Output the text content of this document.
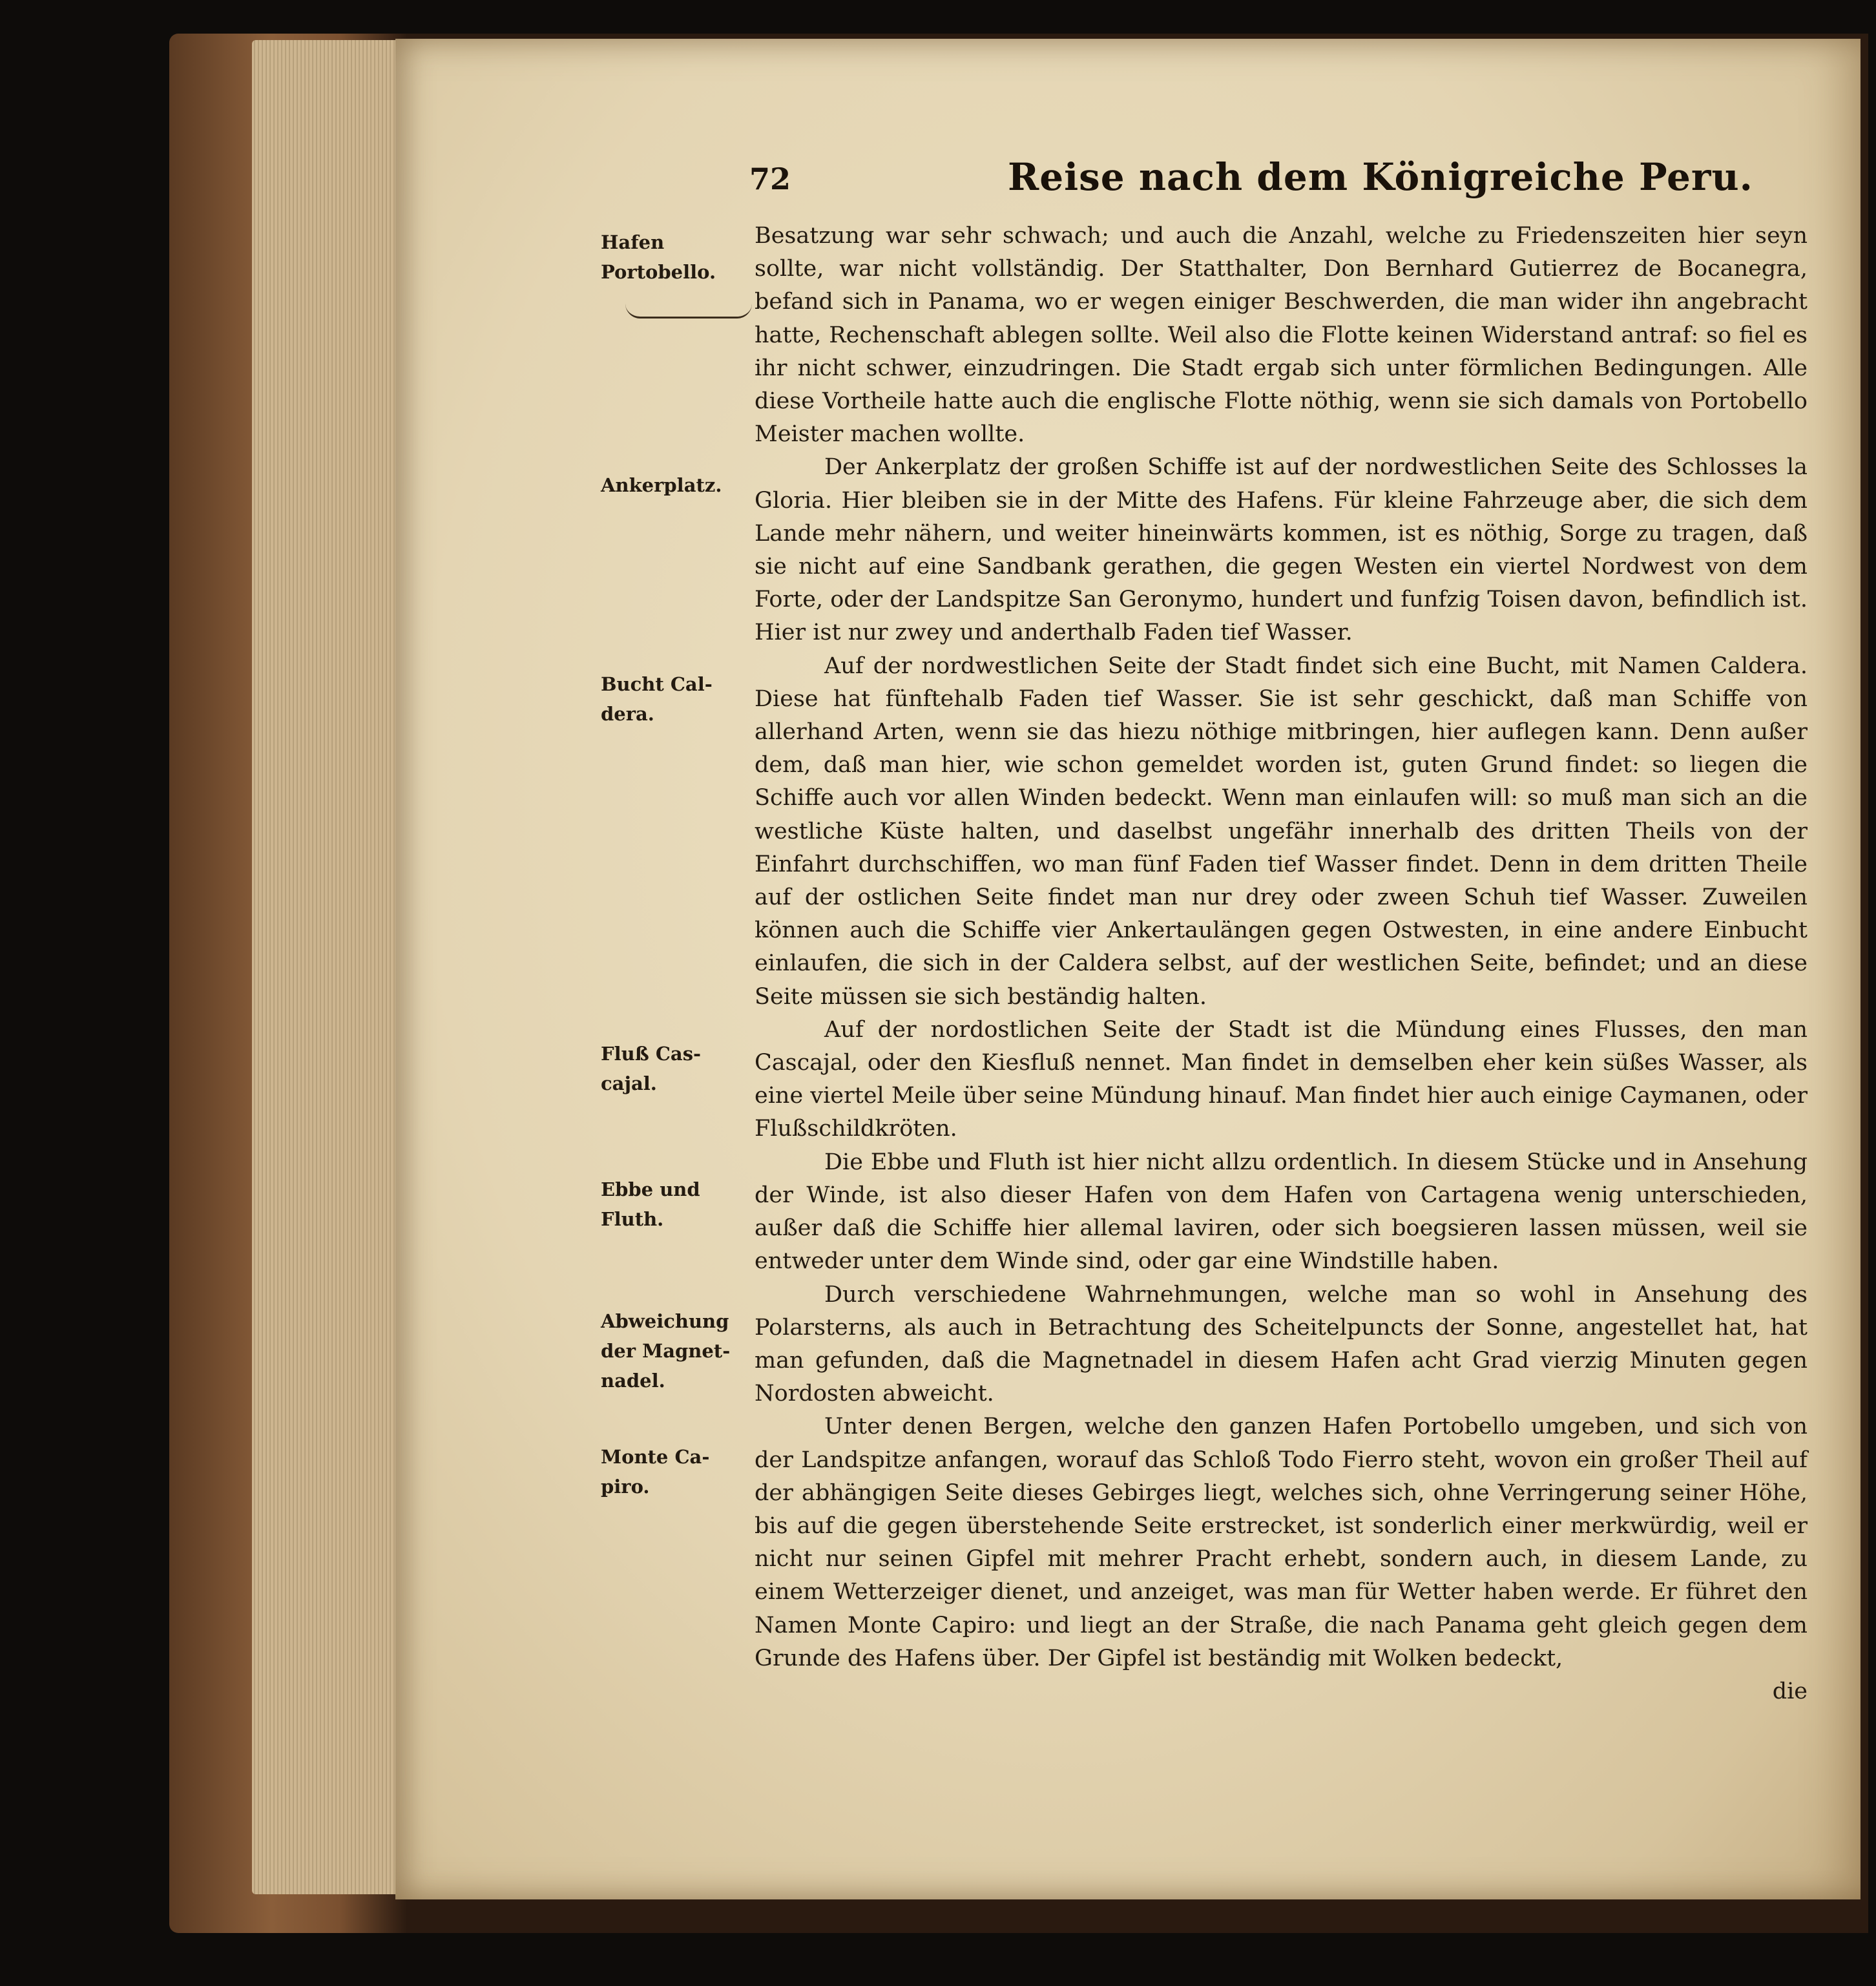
72	Reise nach dem Königreiche Peru.
Hafen
Portobello.
Ankerplatz.
Bucht Cal-
dera.
Fluß Cas-
cajal.
Ebbe und
Fluth.
Abweichung
der Magnet-
nadel.
Monte Ca-
piro.

Besatzung war sehr schwach; und auch die Anzahl, welche zu Friedenszeiten hier seyn sollte, war nicht vollständig. Der Statthalter, Don Bernhard Gutierrez de Bocanegra, befand sich in Panama, wo er wegen einiger Beschwerden, die man wider ihn angebracht hatte, Rechenschaft ablegen sollte. Weil also die Flotte keinen Widerstand antraf: so fiel es ihr nicht schwer, einzudringen. Die Stadt ergab sich unter förmlichen Bedingungen. Alle diese Vortheile hatte auch die englische Flotte nöthig, wenn sie sich damals von Portobello Meister machen wollte.

Der Ankerplatz der großen Schiffe ist auf der nordwestlichen Seite des Schlosses la Gloria. Hier bleiben sie in der Mitte des Hafens. Für kleine Fahrzeuge aber, die sich dem Lande mehr nähern, und weiter hineinwärts kommen, ist es nöthig, Sorge zu tragen, daß sie nicht auf eine Sandbank gerathen, die gegen Westen ein viertel Nordwest von dem Forte, oder der Landspitze San Geronymo, hundert und funfzig Toisen davon, befindlich ist. Hier ist nur zwey und anderthalb Faden tief Wasser.

Auf der nordwestlichen Seite der Stadt findet sich eine Bucht, mit Namen Caldera. Diese hat fünftehalb Faden tief Wasser. Sie ist sehr geschickt, daß man Schiffe von allerhand Arten, wenn sie das hiezu nöthige mitbringen, hier auflegen kann. Denn außer dem, daß man hier, wie schon gemeldet worden ist, guten Grund findet: so liegen die Schiffe auch vor allen Winden bedeckt. Wenn man einlaufen will: so muß man sich an die westliche Küste halten, und daselbst ungefähr innerhalb des dritten Theils von der Einfahrt durchschiffen, wo man fünf Faden tief Wasser findet. Denn in dem dritten Theile auf der ostlichen Seite findet man nur drey oder zween Schuh tief Wasser. Zuweilen können auch die Schiffe vier Ankertaulängen gegen Ostwesten, in eine andere Einbucht einlaufen, die sich in der Caldera selbst, auf der westlichen Seite, befindet; und an diese Seite müssen sie sich beständig halten.

Auf der nordostlichen Seite der Stadt ist die Mündung eines Flusses, den man Cascajal, oder den Kiesfluß nennet. Man findet in demselben eher kein süßes Wasser, als eine viertel Meile über seine Mündung hinauf. Man findet hier auch einige Caymanen, oder Flußschildkröten.

Die Ebbe und Fluth ist hier nicht allzu ordentlich. In diesem Stücke und in Ansehung der Winde, ist also dieser Hafen von dem Hafen von Cartagena wenig unterschieden, außer daß die Schiffe hier allemal laviren, oder sich boegsieren lassen müssen, weil sie entweder unter dem Winde sind, oder gar eine Windstille haben.

Durch verschiedene Wahrnehmungen, welche man so wohl in Ansehung des Polarsterns, als auch in Betrachtung des Scheitelpuncts der Sonne, angestellet hat, hat man gefunden, daß die Magnetnadel in diesem Hafen acht Grad vierzig Minuten gegen Nordosten abweicht.

Unter denen Bergen, welche den ganzen Hafen Portobello umgeben, und sich von der Landspitze anfangen, worauf das Schloß Todo Fierro steht, wovon ein großer Theil auf der abhängigen Seite dieses Gebirges liegt, welches sich, ohne Verringerung seiner Höhe, bis auf die gegen überstehende Seite erstrecket, ist sonderlich einer merkwürdig, weil er nicht nur seinen Gipfel mit mehrer Pracht erhebt, sondern auch, in diesem Lande, zu einem Wetterzeiger dienet, und anzeiget, was man für Wetter haben werde. Er führet den Namen Monte Capiro: und liegt an der Straße, die nach Panama geht gleich gegen dem Grunde des Hafens über. Der Gipfel ist beständig mit Wolken bedeckt,

die
